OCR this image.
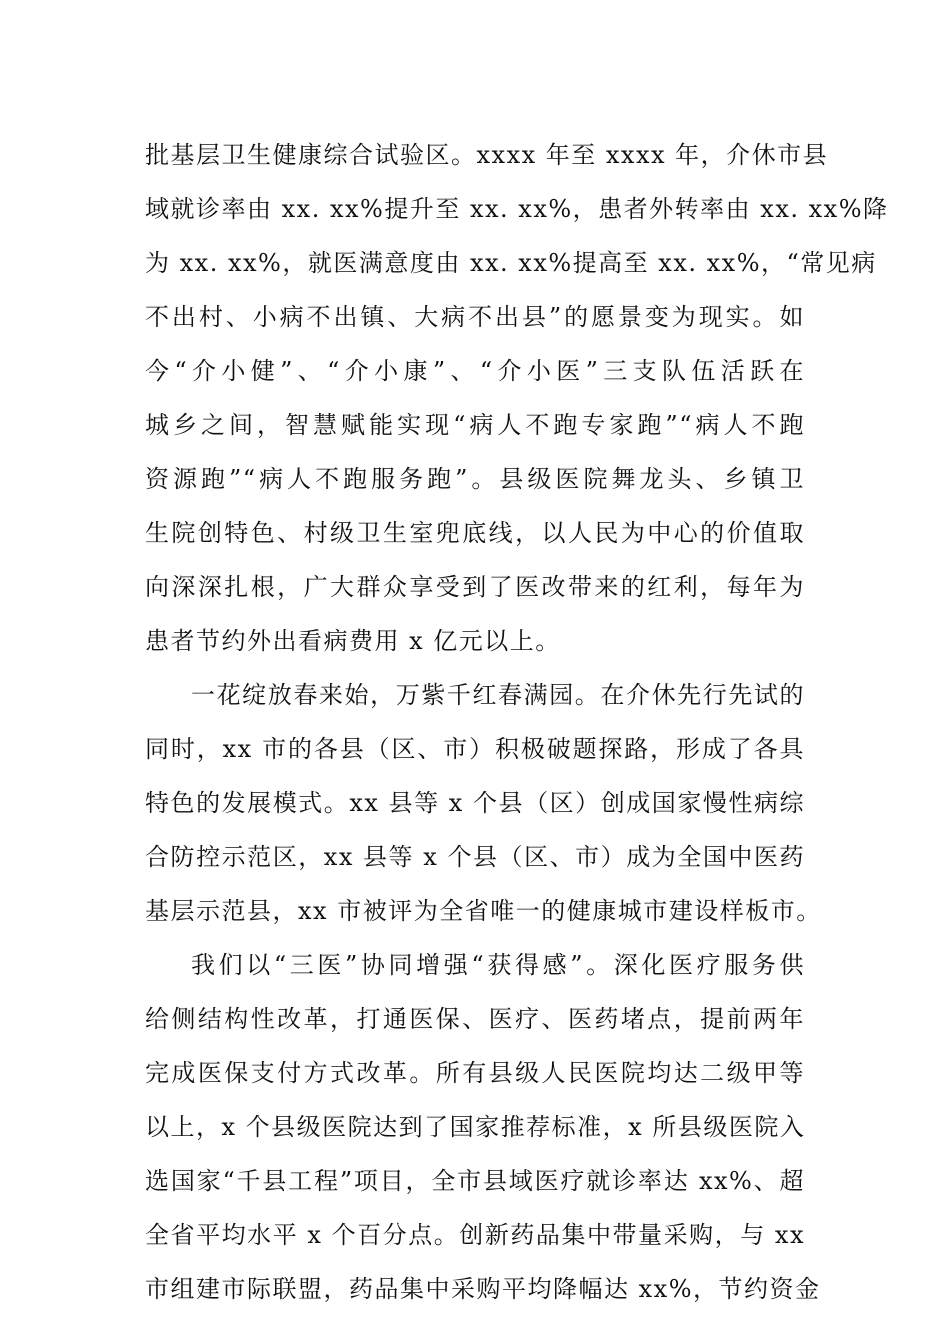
批基层卫生健康综合试验区。xxxx 年至 xxxx 年，介休市县
域就诊率由 xx. xx%提升至 xx. xx%，患者外转率由 xx. xx%降
为 xx. xx%，就医满意度由 xx. xx%提高至 xx. xx%，“常见病
不出村、小病不出镇、大病不出县”的愿景变为现实。如
今“介小健”、“介小康”、“介小医”三支队伍活跃在
城乡之间，智慧赋能实现“病人不跑专家跑”“病人不跑
资源跑”“病人不跑服务跑”。县级医院舞龙头、乡镇卫
生院创特色、村级卫生室兜底线，以人民为中心的价值取
向深深扎根，广大群众享受到了医改带来的红利，每年为
患者节约外出看病费用 x 亿元以上。
一花绽放春来始，万紫千红春满园。在介休先行先试的
同时，xx 市的各县（区、市）积极破题探路，形成了各具
特色的发展模式。xx 县等 x 个县（区）创成国家慢性病综
合防控示范区，xx 县等 x 个县（区、市）成为全国中医药
基层示范县，xx 市被评为全省唯一的健康城市建设样板市。
我们以“三医”协同增强“获得感”。深化医疗服务供
给侧结构性改革，打通医保、医疗、医药堵点，提前两年
完成医保支付方式改革。所有县级人民医院均达二级甲等
以上，x 个县级医院达到了国家推荐标准，x 所县级医院入
选国家“千县工程”项目，全市县域医疗就诊率达 xx%、超
全省平均水平 x 个百分点。创新药品集中带量采购，与 xx
市组建市际联盟，药品集中采购平均降幅达 xx%，节约资金
